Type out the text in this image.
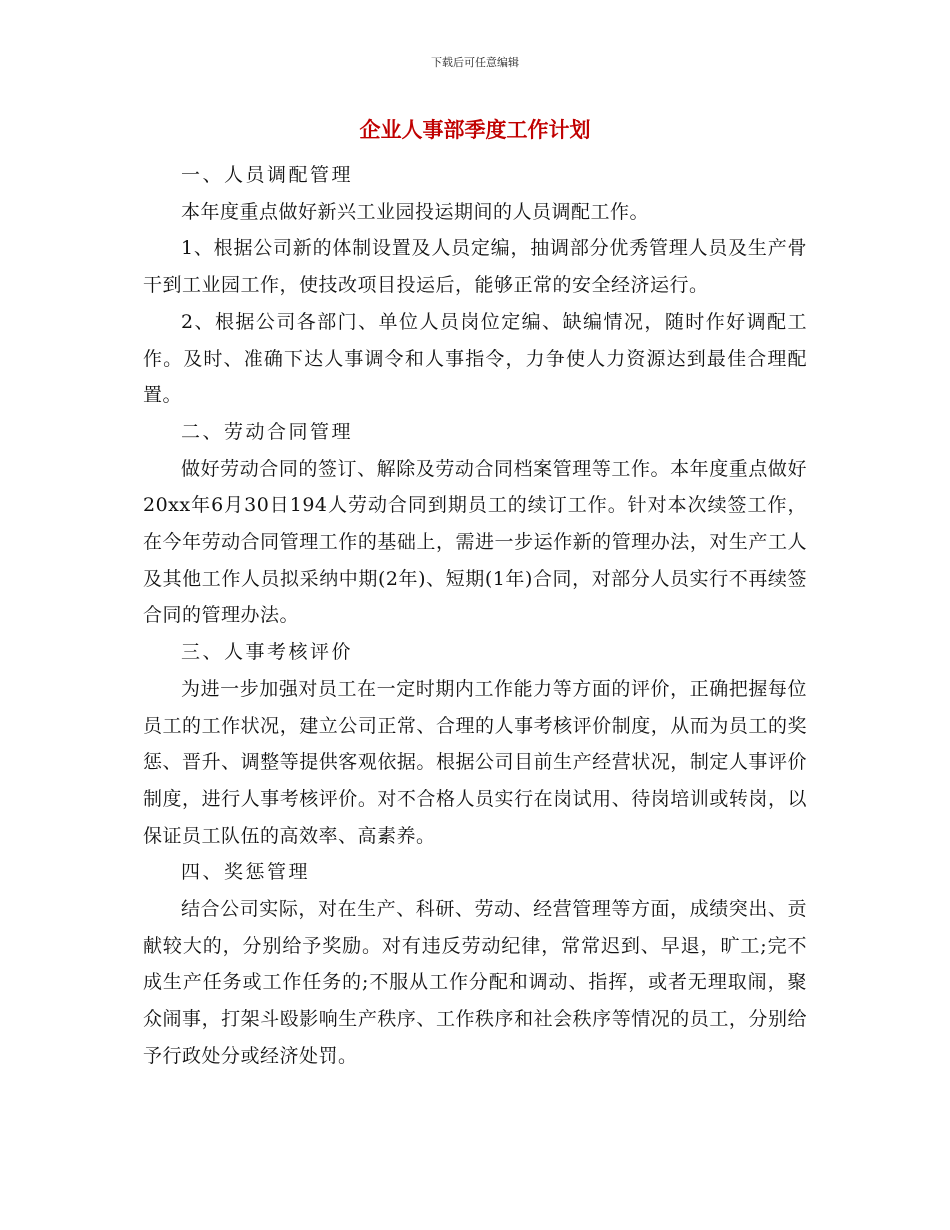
下载后可任意编辑
企业人事部季度工作计划

一、人员调配管理

本年度重点做好新兴工业园投运期间的人员调配工作。

1、根据公司新的体制设置及人员定编，抽调部分优秀管理人员及生产骨干到工业园工作，使技改项目投运后，能够正常的安全经济运行。

2、根据公司各部门、单位人员岗位定编、缺编情况，随时作好调配工作。及时、准确下达人事调令和人事指令，力争使人力资源达到最佳合理配置。

二、劳动合同管理

做好劳动合同的签订、解除及劳动合同档案管理等工作。本年度重点做好20xx年6月30日194人劳动合同到期员工的续订工作。针对本次续签工作，在今年劳动合同管理工作的基础上，需进一步运作新的管理办法，对生产工人及其他工作人员拟采纳中期(2年)、短期(1年)合同，对部分人员实行不再续签合同的管理办法。

三、人事考核评价

为进一步加强对员工在一定时期内工作能力等方面的评价，正确把握每位员工的工作状况，建立公司正常、合理的人事考核评价制度，从而为员工的奖惩、晋升、调整等提供客观依据。根据公司目前生产经营状况，制定人事评价制度，进行人事考核评价。对不合格人员实行在岗试用、待岗培训或转岗，以保证员工队伍的高效率、高素养。

四、奖惩管理

结合公司实际，对在生产、科研、劳动、经营管理等方面，成绩突出、贡献较大的，分别给予奖励。对有违反劳动纪律，常常迟到、早退，旷工;完不成生产任务或工作任务的;不服从工作分配和调动、指挥，或者无理取闹，聚众闹事，打架斗殴影响生产秩序、工作秩序和社会秩序等情况的员工，分别给予行政处分或经济处罚。
